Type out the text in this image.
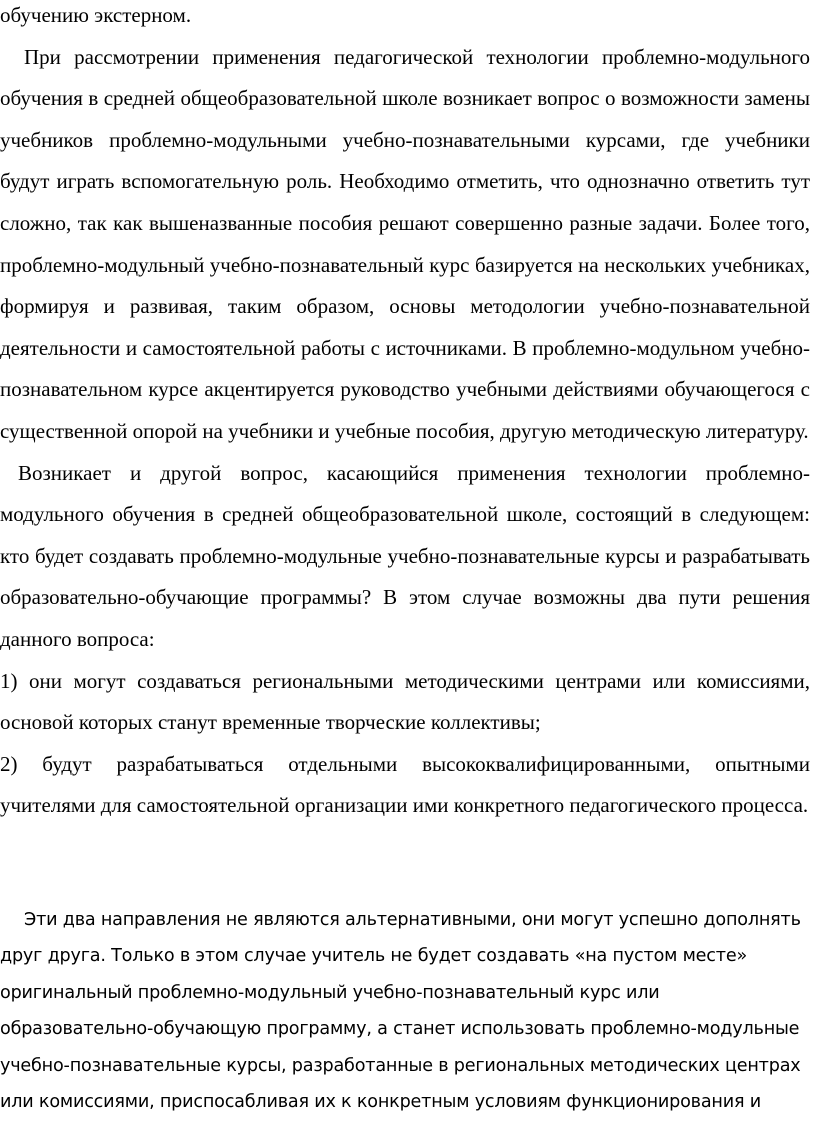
обучению экстерном.

При рассмотрении применения педагогической технологии проблемно-модульного обучения в средней общеобразовательной школе возникает вопрос о возможности замены учебников проблемно-модульными учебно-познавательными курсами, где учебники будут играть вспомогательную роль. Необходимо отметить, что однозначно ответить тут сложно, так как вышеназванные пособия решают совершенно разные задачи. Более того, проблемно-модульный учебно-познавательный курс базируется на нескольких учебниках, формируя и развивая, таким образом, основы методологии учебно-познавательной деятельности и самостоятельной работы с источниками. В проблемно-модульном учебно-познавательном курсе акцентируется руководство учебными действиями обучающегося с существенной опорой на учебники и учебные пособия, другую методическую литературу.

Возникает и другой вопрос, касающийся применения технологии проблемно-модульного обучения в средней общеобразовательной школе, состоящий в следующем: кто будет создавать проблемно-модульные учебно-познавательные курсы и разрабатывать образовательно-обучающие программы? В этом случае возможны два пути решения данного вопроса:

1) они могут создаваться региональными методическими центрами или комиссиями, основой которых станут временные творческие коллективы;

2) будут разрабатываться отдельными высококвалифицированными, опытными учителями для самостоятельной организации ими конкретного педагогического процесса.

Эти два направления не являются альтернативными, они могут успешно дополнять друг друга. Только в этом случае учитель не будет создавать «на пустом месте» оригинальный проблемно-модульный учебно-познавательный курс или образовательно-обучающую программу, а станет использовать проблемно-модульные учебно-познавательные курсы, разработанные в региональных методических центрах или комиссиями, приспосабливая их к конкретным условиям функционирования и
